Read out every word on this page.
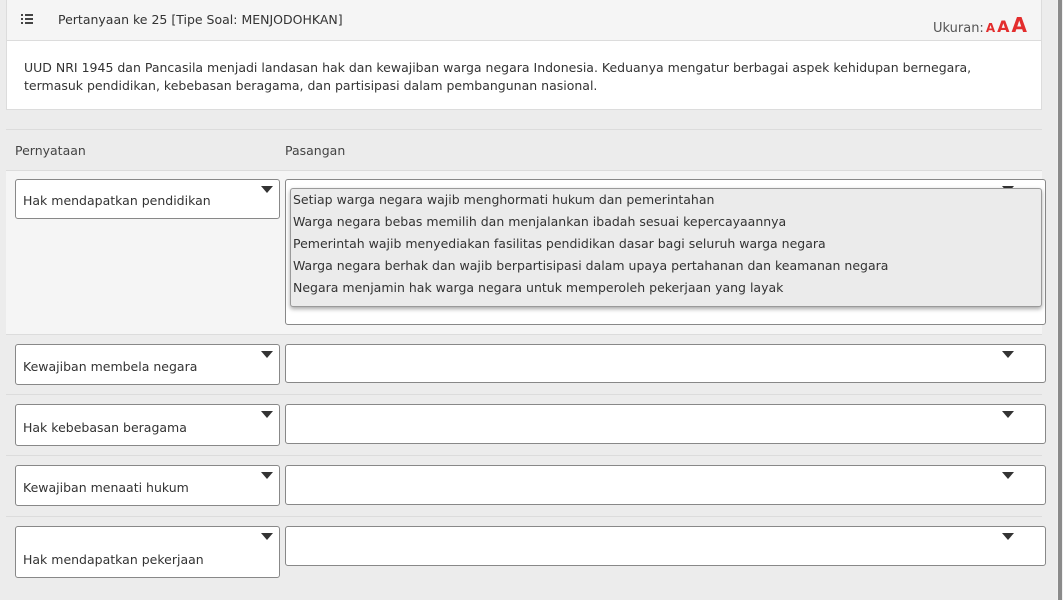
Pertanyaan ke 25 [Tipe Soal: MENJODOHKAN]
Ukuran: A A A
UUD NRI 1945 dan Pancasila menjadi landasan hak dan kewajiban warga negara Indonesia. Keduanya mengatur berbagai aspek kehidupan bernegara, termasuk pendidikan, kebebasan beragama, dan partisipasi dalam pembangunan nasional.
Pernyataan	Pasangan
Hak mendapatkan pendidikan
Kewajiban membela negara
Hak kebebasan beragama
Kewajiban menaati hukum
Hak mendapatkan pekerjaan
Setiap warga negara wajib menghormati hukum dan pemerintahan
Warga negara bebas memilih dan menjalankan ibadah sesuai kepercayaannya
Pemerintah wajib menyediakan fasilitas pendidikan dasar bagi seluruh warga negara
Warga negara berhak dan wajib berpartisipasi dalam upaya pertahanan dan keamanan negara
Negara menjamin hak warga negara untuk memperoleh pekerjaan yang layak
